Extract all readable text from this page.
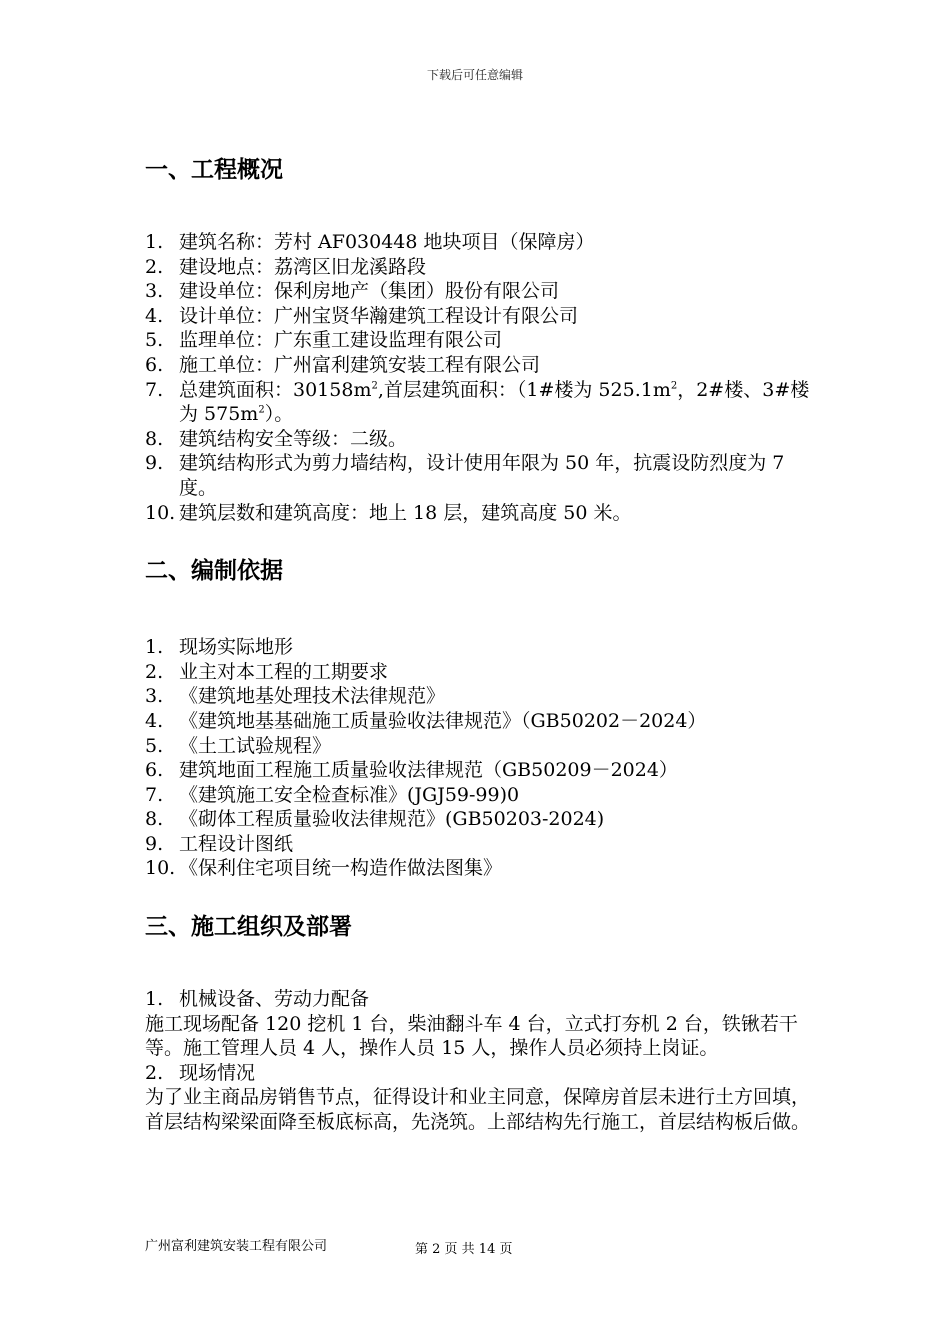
下载后可任意编辑
一、工程概况
1. 建筑名称：芳村 AF030448 地块项目（保障房）
2. 建设地点：荔湾区旧龙溪路段
3. 建设单位：保利房地产（集团）股份有限公司
4. 设计单位：广州宝贤华瀚建筑工程设计有限公司
5. 监理单位：广东重工建设监理有限公司
6. 施工单位：广州富利建筑安装工程有限公司
7. 总建筑面积：$30158m^2$,首层建筑面积：（1#楼为 $525.1m^2$，2#楼、3#楼为 $575m^2$）。
8. 建筑结构安全等级：二级。
9. 建筑结构形式为剪力墙结构，设计使用年限为 50 年，抗震设防烈度为 7 度。
10. 建筑层数和建筑高度：地上 18 层，建筑高度 50 米。
二、编制依据
1. 现场实际地形
2. 业主对本工程的工期要求
3. 《建筑地基处理技术法律规范》
4. 《建筑地基基础施工质量验收法律规范》（GB50202－2024）
5. 《土工试验规程》
6. 建筑地面工程施工质量验收法律规范（GB50209－2024）
7. 《建筑施工安全检查标准》(JGJ59-99)0
8. 《砌体工程质量验收法律规范》(GB50203-2024)
9. 工程设计图纸
10. 《保利住宅项目统一构造作做法图集》
三、施工组织及部署
1. 机械设备、劳动力配备

施工现场配备 120 挖机 1 台，柴油翻斗车 4 台，立式打夯机 2 台，铁锹若干等。施工管理人员 4 人，操作人员 15 人，操作人员必须持上岗证。

2. 现场情况

为了业主商品房销售节点，征得设计和业主同意，保障房首层未进行土方回填，首层结构梁梁面降至板底标高，先浇筑。上部结构先行施工，首层结构板后做。

广州富利建筑安装工程有限公司	第 2 页 共 14 页
